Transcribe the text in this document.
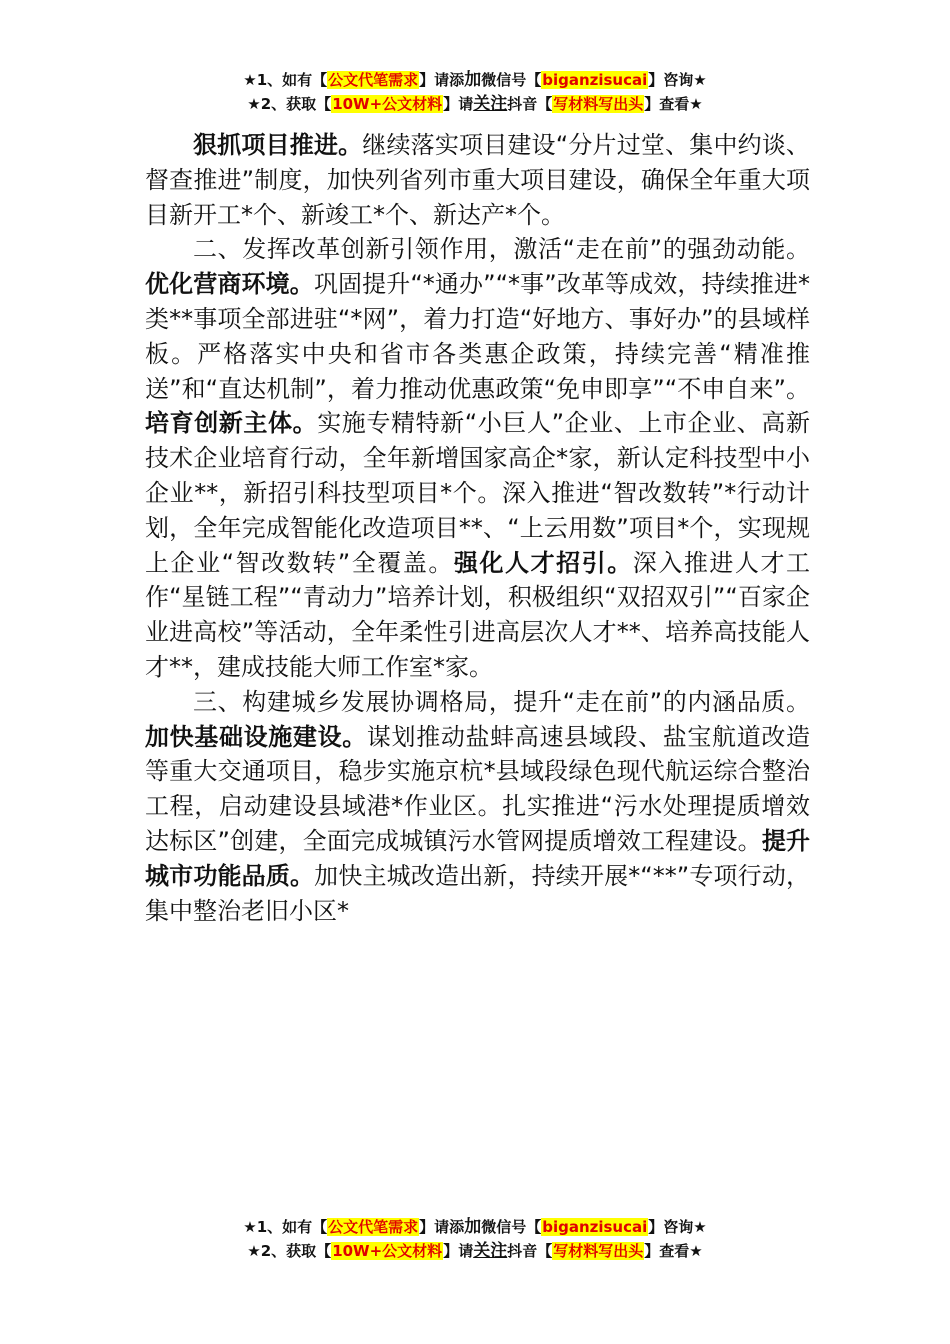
★1、如有【公文代笔需求】请添加微信号【biganzisucai】咨询★
★2、获取【10W+公文材料】请关注抖音【写材料写出头】查看★

狠抓项目推进。继续落实项目建设“分片过堂、集中约谈、督查推进”制度，加快列省列市重大项目建设，确保全年重大项目新开工*个、新竣工*个、新达产*个。

二、发挥改革创新引领作用，激活“走在前”的强劲动能。优化营商环境。巩固提升“*通办”“*事”改革等成效，持续推进*类**事项全部进驻“*网”，着力打造“好地方、事好办”的县域样板。严格落实中央和省市各类惠企政策，持续完善“精准推送”和“直达机制”，着力推动优惠政策“免申即享”“不申自来”。培育创新主体。实施专精特新“小巨人”企业、上市企业、高新技术企业培育行动，全年新增国家高企*家，新认定科技型中小企业**，新招引科技型项目*个。深入推进“智改数转”*行动计划，全年完成智能化改造项目**、“上云用数”项目*个，实现规上企业“智改数转”全覆盖。强化人才招引。深入推进人才工作“星链工程”“青动力”培养计划，积极组织“双招双引”“百家企业进高校”等活动，全年柔性引进高层次人才**、培养高技能人才**，建成技能大师工作室*家。

三、构建城乡发展协调格局，提升“走在前”的内涵品质。加快基础设施建设。谋划推动盐蚌高速县域段、盐宝航道改造等重大交通项目，稳步实施京杭*县域段绿色现代航运综合整治工程，启动建设县域港*作业区。扎实推进“污水处理提质增效达标区”创建，全面完成城镇污水管网提质增效工程建设。提升城市功能品质。加快主城改造出新，持续开展*“**”专项行动，集中整治老旧小区*

★1、如有【公文代笔需求】请添加微信号【biganzisucai】咨询★
★2、获取【10W+公文材料】请关注抖音【写材料写出头】查看★
